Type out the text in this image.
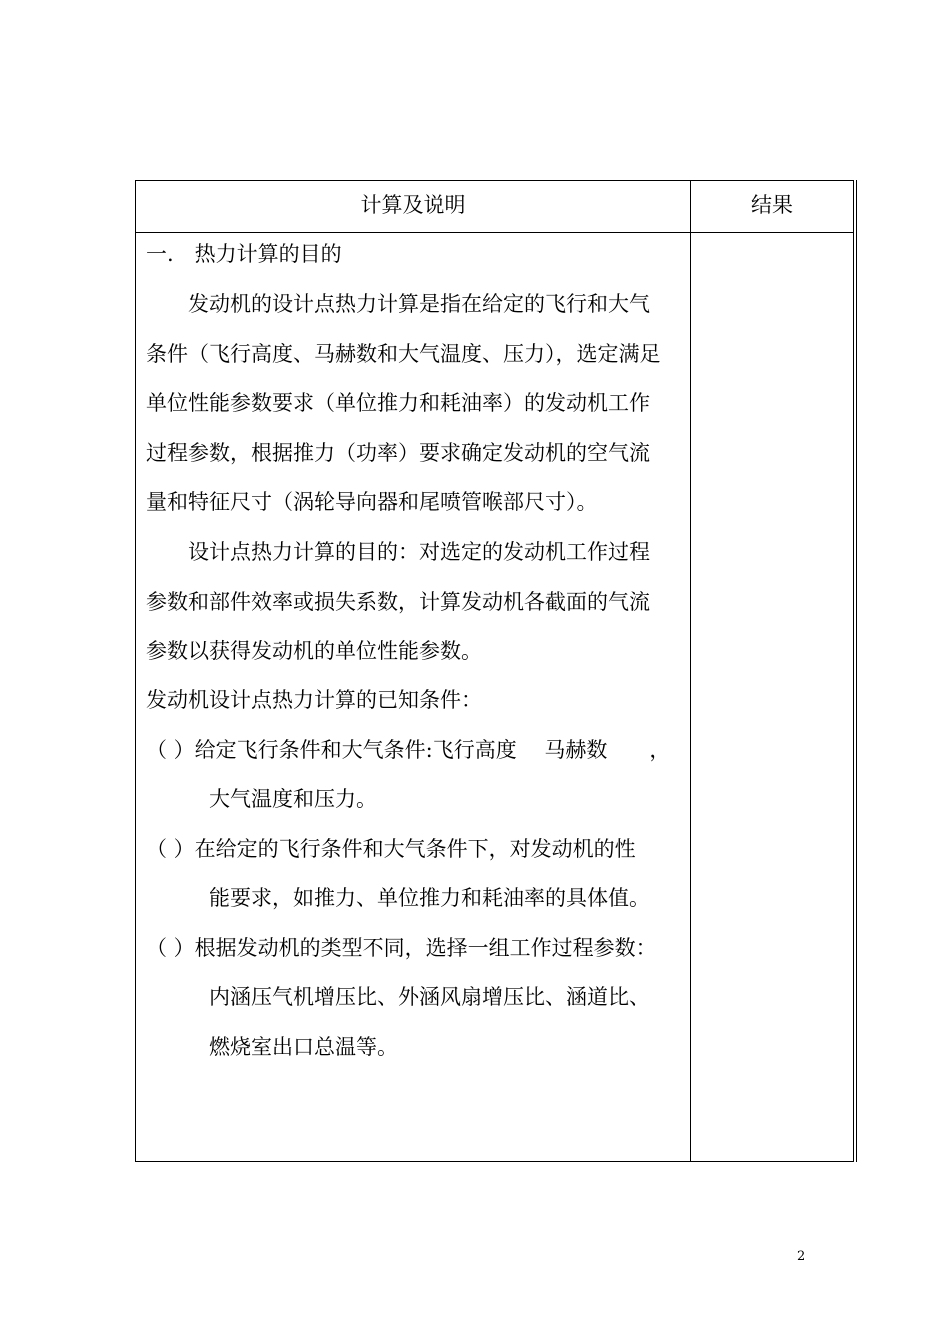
计算及说明	结果
一.　热力计算的目的
　　发动机的设计点热力计算是指在给定的飞行和大气
条件（飞行高度、马赫数和大气温度、压力），选定满足
单位性能参数要求（单位推力和耗油率）的发动机工作
过程参数，根据推力（功率）要求确定发动机的空气流
量和特征尺寸（涡轮导向器和尾喷管喉部尺寸）。
　　设计点热力计算的目的：对选定的发动机工作过程
参数和部件效率或损失系数，计算发动机各截面的气流
参数以获得发动机的单位性能参数。
发动机设计点热力计算的已知条件：
（ ）给定飞行条件和大气条件:飞行高度　 马赫数　　，
　　　大气温度和压力。
（ ）在给定的飞行条件和大气条件下，对发动机的性
　　　能要求，如推力、单位推力和耗油率的具体值。
（ ）根据发动机的类型不同，选择一组工作过程参数：
　　　内涵压气机增压比、外涵风扇增压比、涵道比、
　　　燃烧室出口总温等。
2
